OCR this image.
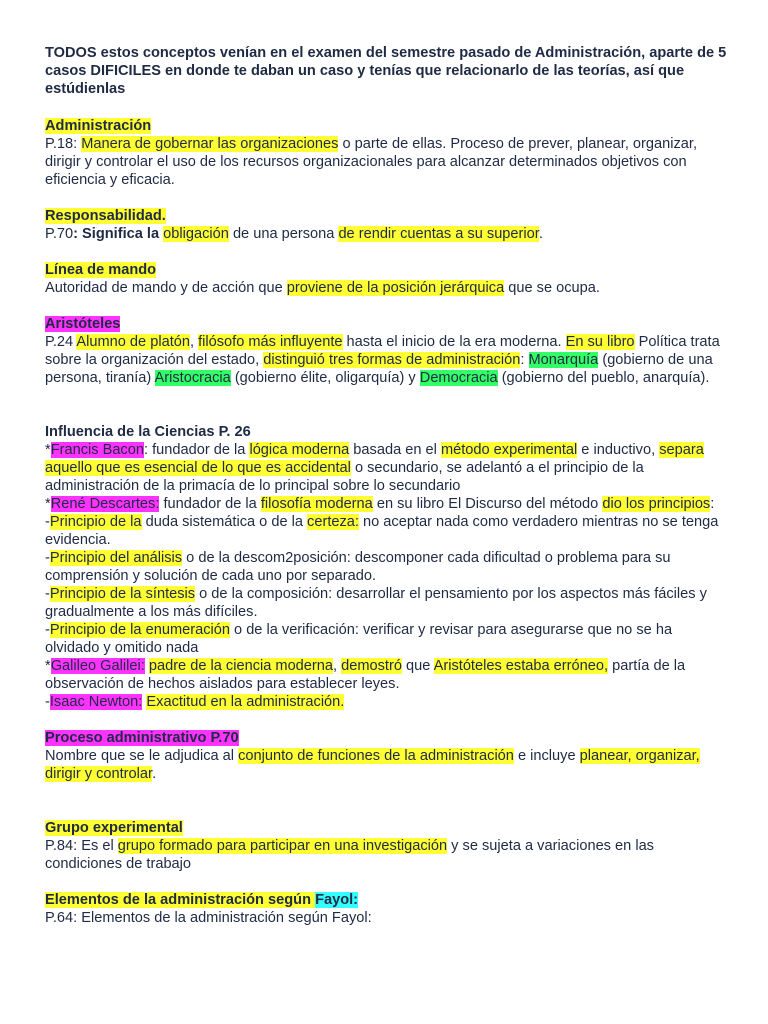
TODOS estos conceptos venían en el examen del semestre pasado de Administración, aparte de 5 casos DIFICILES en donde te daban un caso y tenías que relacionarlo de las teorías, así que estúdienlas

Administración

P.18: Manera de gobernar las organizaciones o parte de ellas. Proceso de prever, planear, organizar, dirigir y controlar el uso de los recursos organizacionales para alcanzar determinados objetivos con eficiencia y eficacia.

Responsabilidad.

P.70: Significa la obligación de una persona de rendir cuentas a su superior.

Línea de mando

Autoridad de mando y de acción que proviene de la posición jerárquica que se ocupa.

Aristóteles

P.24 Alumno de platón, filósofo más influyente hasta el inicio de la era moderna. En su libro Política trata sobre la organización del estado, distinguió tres formas de administración: Monarquía (gobierno de una persona, tiranía) Aristocracia (gobierno élite, oligarquía) y Democracia (gobierno del pueblo, anarquía).

Influencia de la Ciencias P. 26

*Francis Bacon: fundador de la lógica moderna basada en el método experimental e inductivo, separa aquello que es esencial de lo que es accidental o secundario, se adelantó a el principio de la administración de la primacía de lo principal sobre lo secundario

*René Descartes: fundador de la filosofía moderna en su libro El Discurso del método dio los principios:

-Principio de la duda sistemática o de la certeza: no aceptar nada como verdadero mientras no se tenga evidencia.

-Principio del análisis o de la descom2posición: descomponer cada dificultad o problema para su comprensión y solución de cada uno por separado.

-Principio de la síntesis o de la composición: desarrollar el pensamiento por los aspectos más fáciles y gradualmente a los más difíciles.

-Principio de la enumeración o de la verificación: verificar y revisar para asegurarse que no se ha olvidado y omitido nada

*Galileo Galilei: padre de la ciencia moderna, demostró que Aristóteles estaba erróneo, partía de la observación de hechos aislados para establecer leyes.

-Isaac Newton: Exactitud en la administración.

Proceso administrativo P.70

Nombre que se le adjudica al conjunto de funciones de la administración e incluye planear, organizar, dirigir y controlar.

Grupo experimental

P.84: Es el grupo formado para participar en una investigación y se sujeta a variaciones en las condiciones de trabajo

Elementos de la administración según Fayol:

P.64: Elementos de la administración según Fayol:
